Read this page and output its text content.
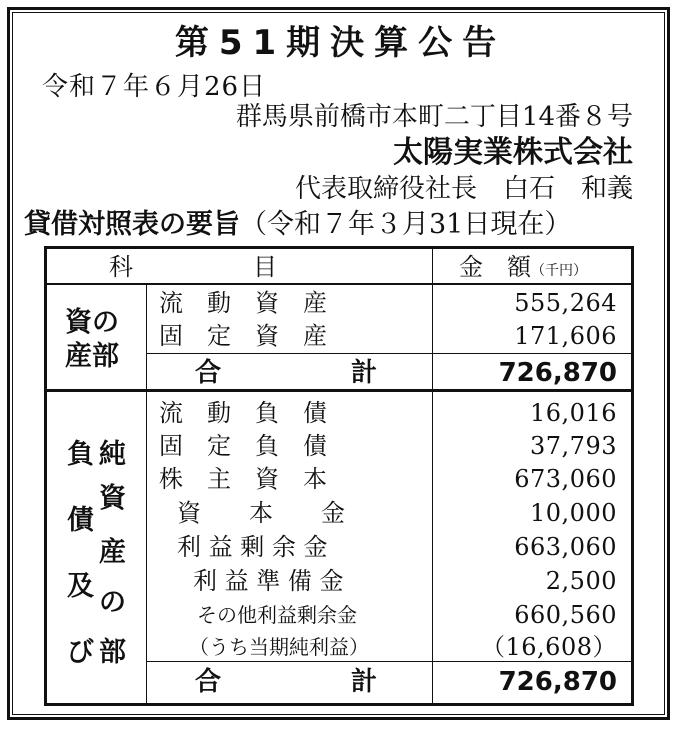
第51期決算公告
令和７年６月26日
群馬県前橋市本町二丁目14番８号
太陽実業株式会社
代表取締役社長　白石　和義
貸借対照表の要旨（令和７年３月31日現在）
科　　　　　目	金　額（千円）
資の
産部
流　動　資　産	555,264
固　定　資　産	171,606
合　　　　　計	726,870
負
債
及
び
純
資
産
の
部
流　動　負　債	16,016
固　定　負　債	37,793
株　主　資　本	673,060
資　　本　　金	10,000
利 益 剰 余 金	663,060
利 益 準 備 金	2,500
その他利益剰余金	660,560
（うち当期純利益）	（16,608）
合　　　　　計	726,870
